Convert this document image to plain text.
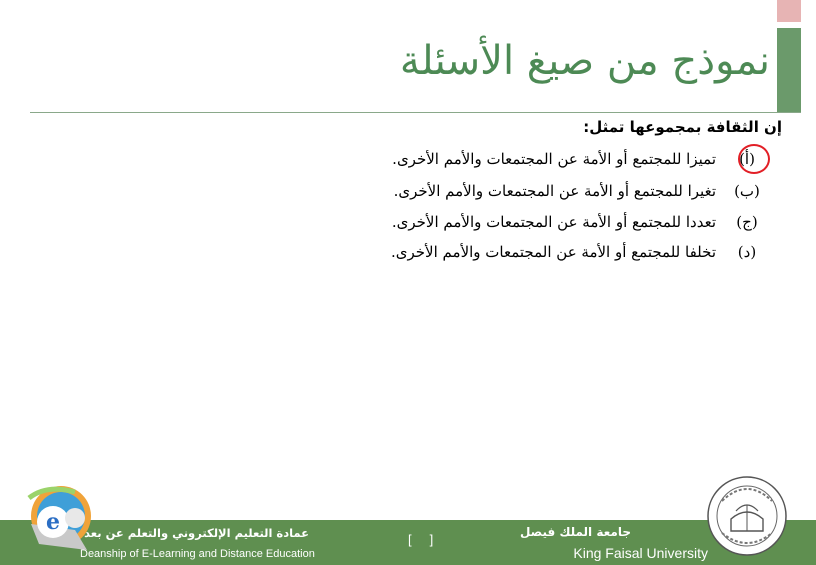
نموذج من صيغ الأسئلة
إن الثقافة بمجموعها تمثل:
(أ)
تميزا للمجتمع أو الأمة عن المجتمعات والأمم الأخرى.
(ب)
تغيرا للمجتمع أو الأمة عن المجتمعات والأمم الأخرى.
(ج)
تعددا للمجتمع أو الأمة عن المجتمعات والأمم الأخرى.
(د)
تخلفا للمجتمع أو الأمة عن المجتمعات والأمم الأخرى.
e عمادة التعليم الإلكتروني والتعلم عن بعد
Deanship of E-Learning and Distance Education
[     ]	جامعة الملك فيصل
King Faisal University
